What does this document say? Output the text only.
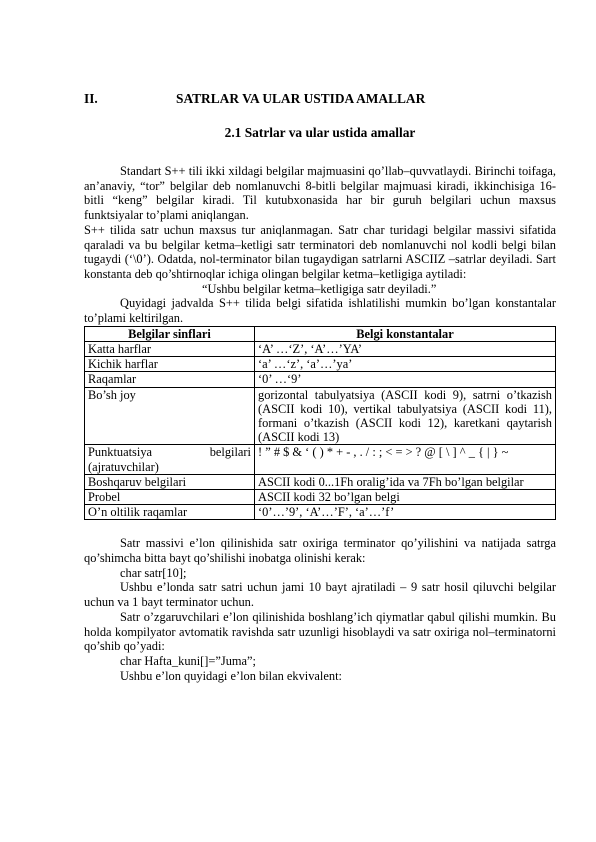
II.	SATRLAR VA ULAR USTIDA AMALLAR
2.1 Satrlar va ular ustida amallar

Standart S++ tili ikki xildagi belgilar majmuasini qo’llab–quvvatlaydi. Birinchi toifaga, an’anaviy, “tor” belgilar deb nomlanuvchi 8-bitli belgilar majmuasi kiradi, ikkinchisiga 16-bitli “keng” belgilar kiradi. Til kutubxonasida har bir guruh belgilari uchun maxsus funktsiyalar to’plami aniqlangan.

S++ tilida satr uchun maxsus tur aniqlanmagan. Satr char turidagi belgilar massivi sifatida qaraladi va bu belgilar ketma–ketligi satr terminatori deb nomlanuvchi nol kodli belgi bilan tugaydi (‘\0’). Odatda, nol-terminator bilan tugaydigan satrlarni ASCIIZ –satrlar deyiladi. Sart konstanta deb qo’shtirnoqlar ichiga olingan belgilar ketma–ketligiga aytiladi:

“Ushbu belgilar ketma–ketligiga satr deyiladi.”

Quyidagi jadvalda S++ tilida belgi sifatida ishlatilishi mumkin bo’lgan konstantalar to’plami keltirilgan.

Belgilar sinflari	Belgi konstantalar
Katta harflar	‘A’ …‘Z’, ‘A’…’YA’
Kichik harflar	‘a’ …‘z’, ‘a’…’ya’
Raqamlar	‘0’ …‘9’
Bo’sh joy	gorizontal tabulyatsiya (ASCII kodi 9), satrni o’tkazish (ASCII kodi 10), vertikal tabulyatsiya (ASCII kodi 11), formani o’tkazish (ASCII kodi 12), karetkani qaytarish (ASCII kodi 13)
Punktuatsiya belgilari (ajratuvchilar)	! ” # $ & ‘ ( ) * + - , . / : ; < = > ? @ [ \ ] ^ _ { | } ~
Boshqaruv belgilari	ASCII kodi 0...1Fh oralig’ida va 7Fh bo’lgan belgilar
Probel	ASCII kodi 32 bo’lgan belgi
O’n oltilik raqamlar	‘0’…’9’, ‘A’…’F’, ‘a’…’f’

Satr massivi e’lon qilinishida satr oxiriga terminator qo’yilishini va natijada satrga qo’shimcha bitta bayt qo’shilishi inobatga olinishi kerak:

char satr[10];

Ushbu e’londa satr satri uchun jami 10 bayt ajratiladi – 9 satr hosil qiluvchi belgilar uchun va 1 bayt terminator uchun.

Satr o’zgaruvchilari e’lon qilinishida boshlang’ich qiymatlar qabul qilishi mumkin. Bu holda kompilyator avtomatik ravishda satr uzunligi hisoblaydi va satr oxiriga nol–terminatorni qo’shib qo’yadi:

char Hafta_kuni[]=”Juma”;

Ushbu e’lon quyidagi e’lon bilan ekvivalent:
